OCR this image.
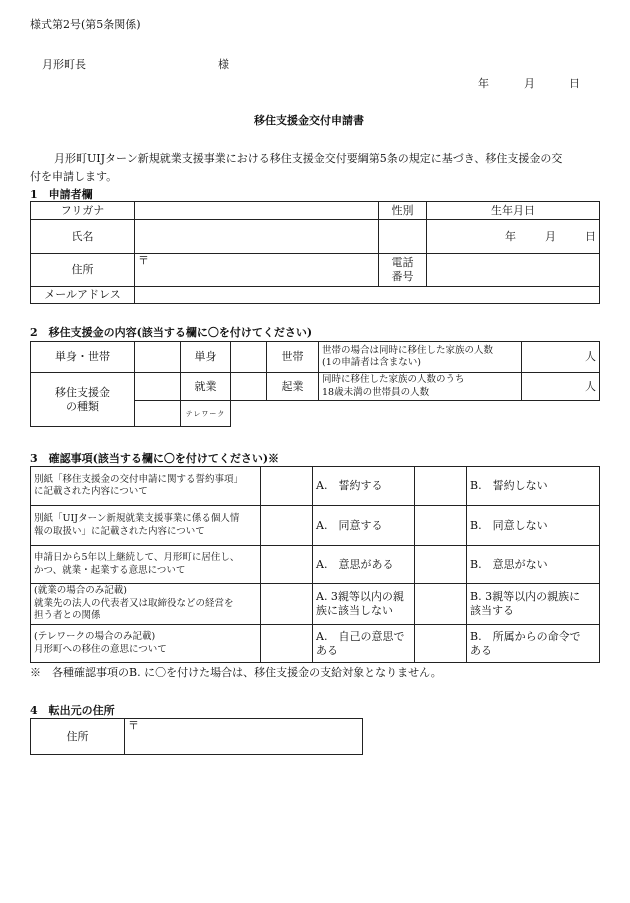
様式第2号(第5条関係)
月形町長	様
年	月	日
移住支援金交付申請書
月形町UIJターン新規就業支援事業における移住支援金交付要綱第5条の規定に基づき、移住支援金の交
付を申請します。
1　申請者欄
フリガナ		性別	生年月日
氏名			年 月 日
住所	〒	電話
番号	
メールアドレス			
2　移住支援金の内容(該当する欄に〇を付けてください)
単身・世帯		単身		世帯	世帯の場合は同時に移住した家族の人数
(1の申請者は含まない)	人
移住支援金
の種類		就業		起業	同時に移住した家族の人数のうち
18歳未満の世帯員の人数	人
		テレワーク				
3　確認事項(該当する欄に〇を付けてください)※
別紙「移住支援金の交付申請に関する誓約事項」
に記載された内容について		A.　誓約する		B.　誓約しない
別紙「UIJターン新規就業支援事業に係る個人情
報の取扱い」に記載された内容について		A.　同意する		B.　同意しない
申請日から5年以上継続して、月形町に居住し、
かつ、就業・起業する意思について		A.　意思がある		B.　意思がない
(就業の場合のみ記載)
就業先の法人の代表者又は取締役などの経営を
担う者との関係		A. 3親等以内の親
族に該当しない		B. 3親等以内の親族に
該当する
(テレワークの場合のみ記載)
月形町への移住の意思について		A.　自己の意思で
ある		B.　所属からの命令で
ある
※　各種確認事項のB. に〇を付けた場合は、移住支援金の支給対象となりません。
4　転出元の住所
住所	〒
